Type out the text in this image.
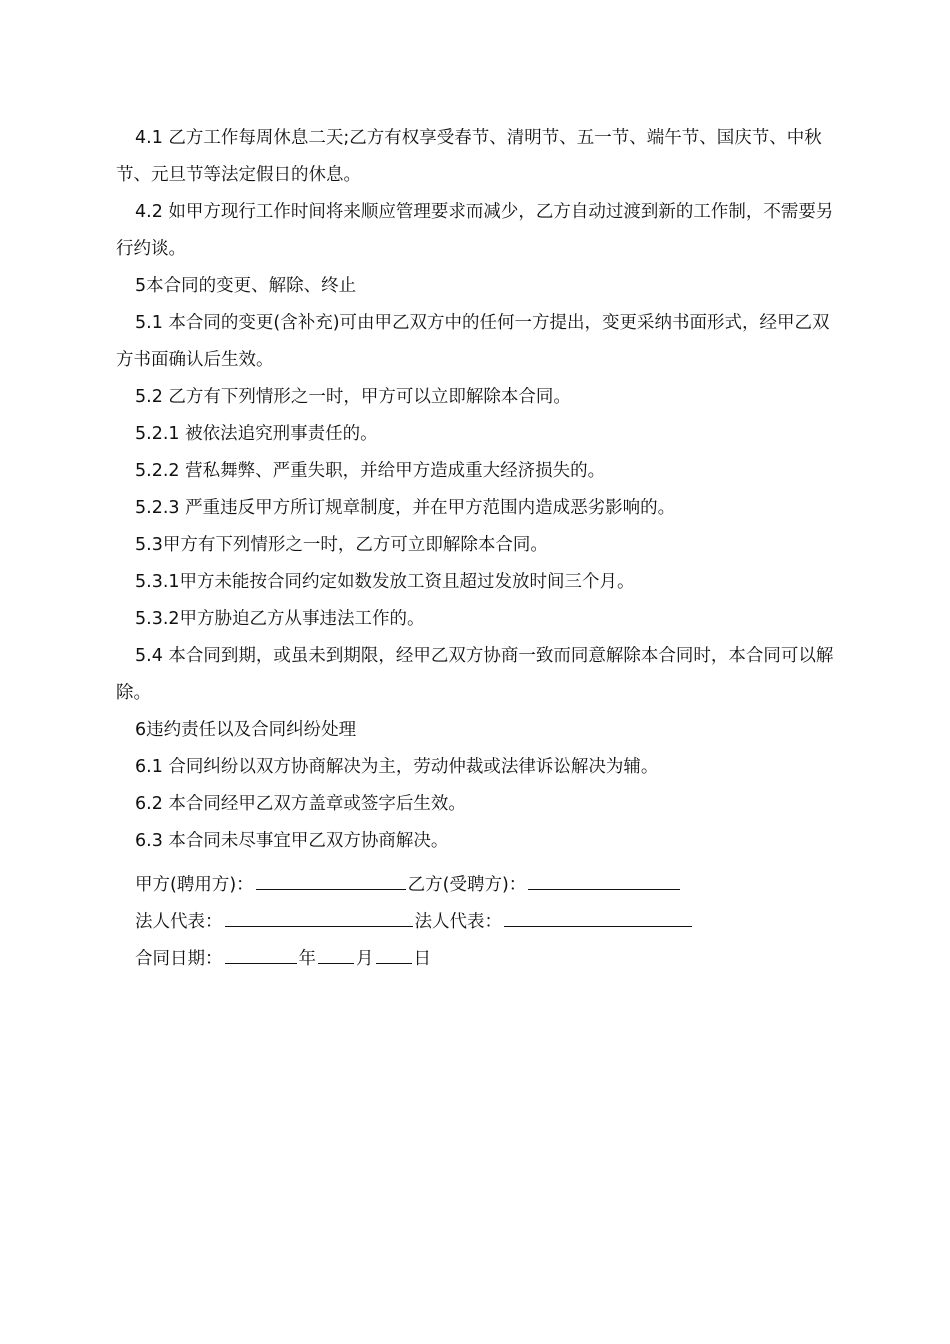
4.1 乙方工作每周休息二天;乙方有权享受春节、清明节、五一节、端午节、国庆节、中秋节、元旦节等法定假日的休息。

4.2 如甲方现行工作时间将来顺应管理要求而减少，乙方自动过渡到新的工作制，不需要另行约谈。

5本合同的变更、解除、终止

5.1 本合同的变更(含补充)可由甲乙双方中的任何一方提出，变更采纳书面形式，经甲乙双方书面确认后生效。

5.2 乙方有下列情形之一时，甲方可以立即解除本合同。

5.2.1 被依法追究刑事责任的。

5.2.2 营私舞弊、严重失职，并给甲方造成重大经济损失的。

5.2.3 严重违反甲方所订规章制度，并在甲方范围内造成恶劣影响的。

5.3甲方有下列情形之一时，乙方可立即解除本合同。

5.3.1甲方未能按合同约定如数发放工资且超过发放时间三个月。

5.3.2甲方胁迫乙方从事违法工作的。

5.4 本合同到期，或虽未到期限，经甲乙双方协商一致而同意解除本合同时，本合同可以解除。

6违约责任以及合同纠纷处理

6.1 合同纠纷以双方协商解决为主，劳动仲裁或法律诉讼解决为辅。

6.2 本合同经甲乙双方盖章或签字后生效。

6.3 本合同未尽事宜甲乙双方协商解决。

甲方(聘用方)：	乙方(受聘方)：
法人代表：	法人代表：
合同日期：	年 月 日
